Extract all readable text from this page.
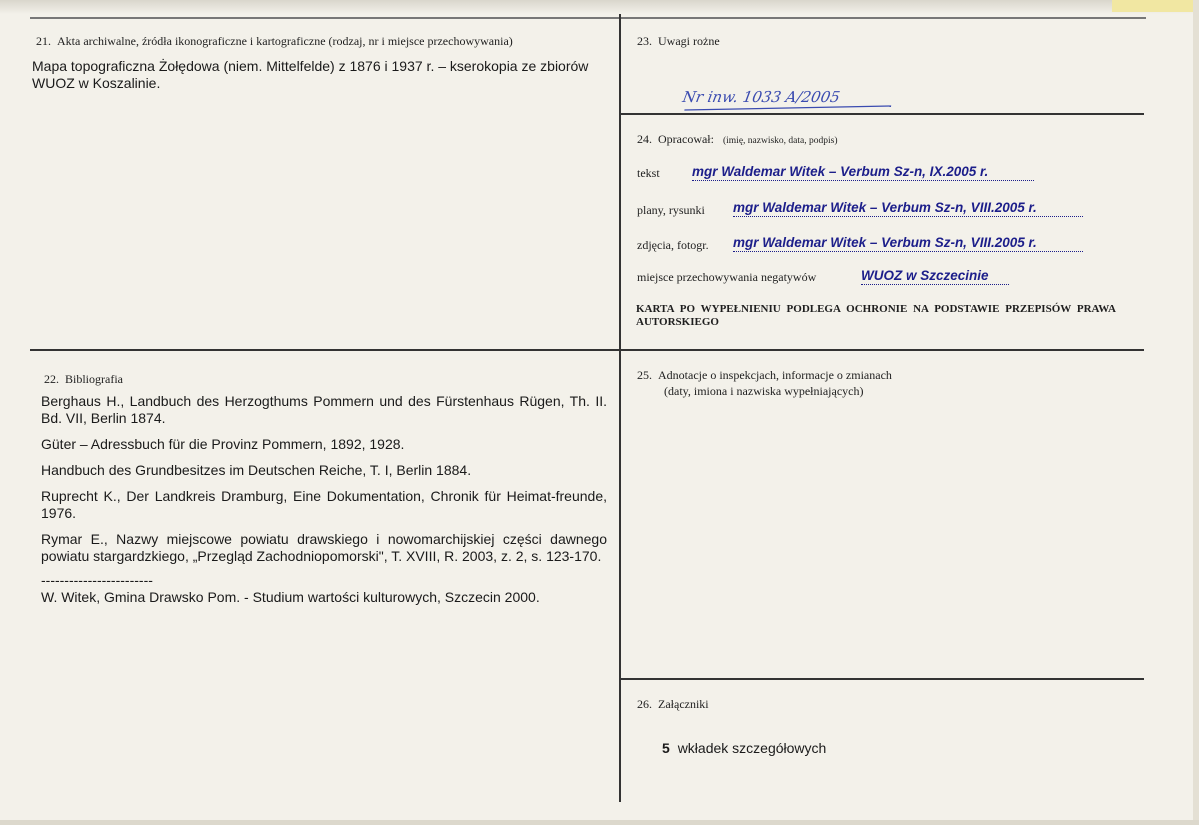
21. Akta archiwalne, źródła ikonograficzne i kartograficzne (rodzaj, nr i miejsce przechowywania)
Mapa topograficzna Żołędowa (niem. Mittelfelde) z 1876 i 1937 r. – kserokopia ze zbiorów WUOZ w Koszalinie.
22. Bibliografia

Berghaus H., Landbuch des Herzogthums Pommern und des Fürstenhaus Rügen, Th. II. Bd. VII, Berlin 1874.

Güter – Adressbuch für die Provinz Pommern, 1892, 1928.

Handbuch des Grundbesitzes im Deutschen Reiche, T. I, Berlin 1884.

Ruprecht K., Der Landkreis Dramburg, Eine Dokumentation, Chronik für Heimat-freunde, 1976.

Rymar E., Nazwy miejscowe powiatu drawskiego i nowomarchijskiej części dawnego powiatu stargardzkiego, „Przegląd Zachodniopomorski", T. XVIII, R. 2003, z. 2, s. 123-170.

------------------------

W. Witek, Gmina Drawsko Pom. - Studium wartości kulturowych, Szczecin 2000.

23. Uwagi rożne
Nr inw. 1033 A/2005
24. Opracował: (imię, nazwisko, data, podpis)
tekst mgr Waldemar Witek – Verbum Sz-n, IX.2005 r.
plany, rysunki mgr Waldemar Witek – Verbum Sz-n, VIII.2005 r.
zdjęcia, fotogr. mgr Waldemar Witek – Verbum Sz-n, VIII.2005 r.
miejsce przechowywania negatywów	WUOZ w Szczecinie
KARTA PO WYPEŁNIENIU PODLEGA OCHRONIE NA PODSTAWIE PRZEPISÓW PRAWA AUTORSKIEGO
25. Adnotacje o inspekcjach, informacje o zmianach
(daty, imiona i nazwiska wypełniających)
26. Załączniki
5 wkładek szczegółowych
